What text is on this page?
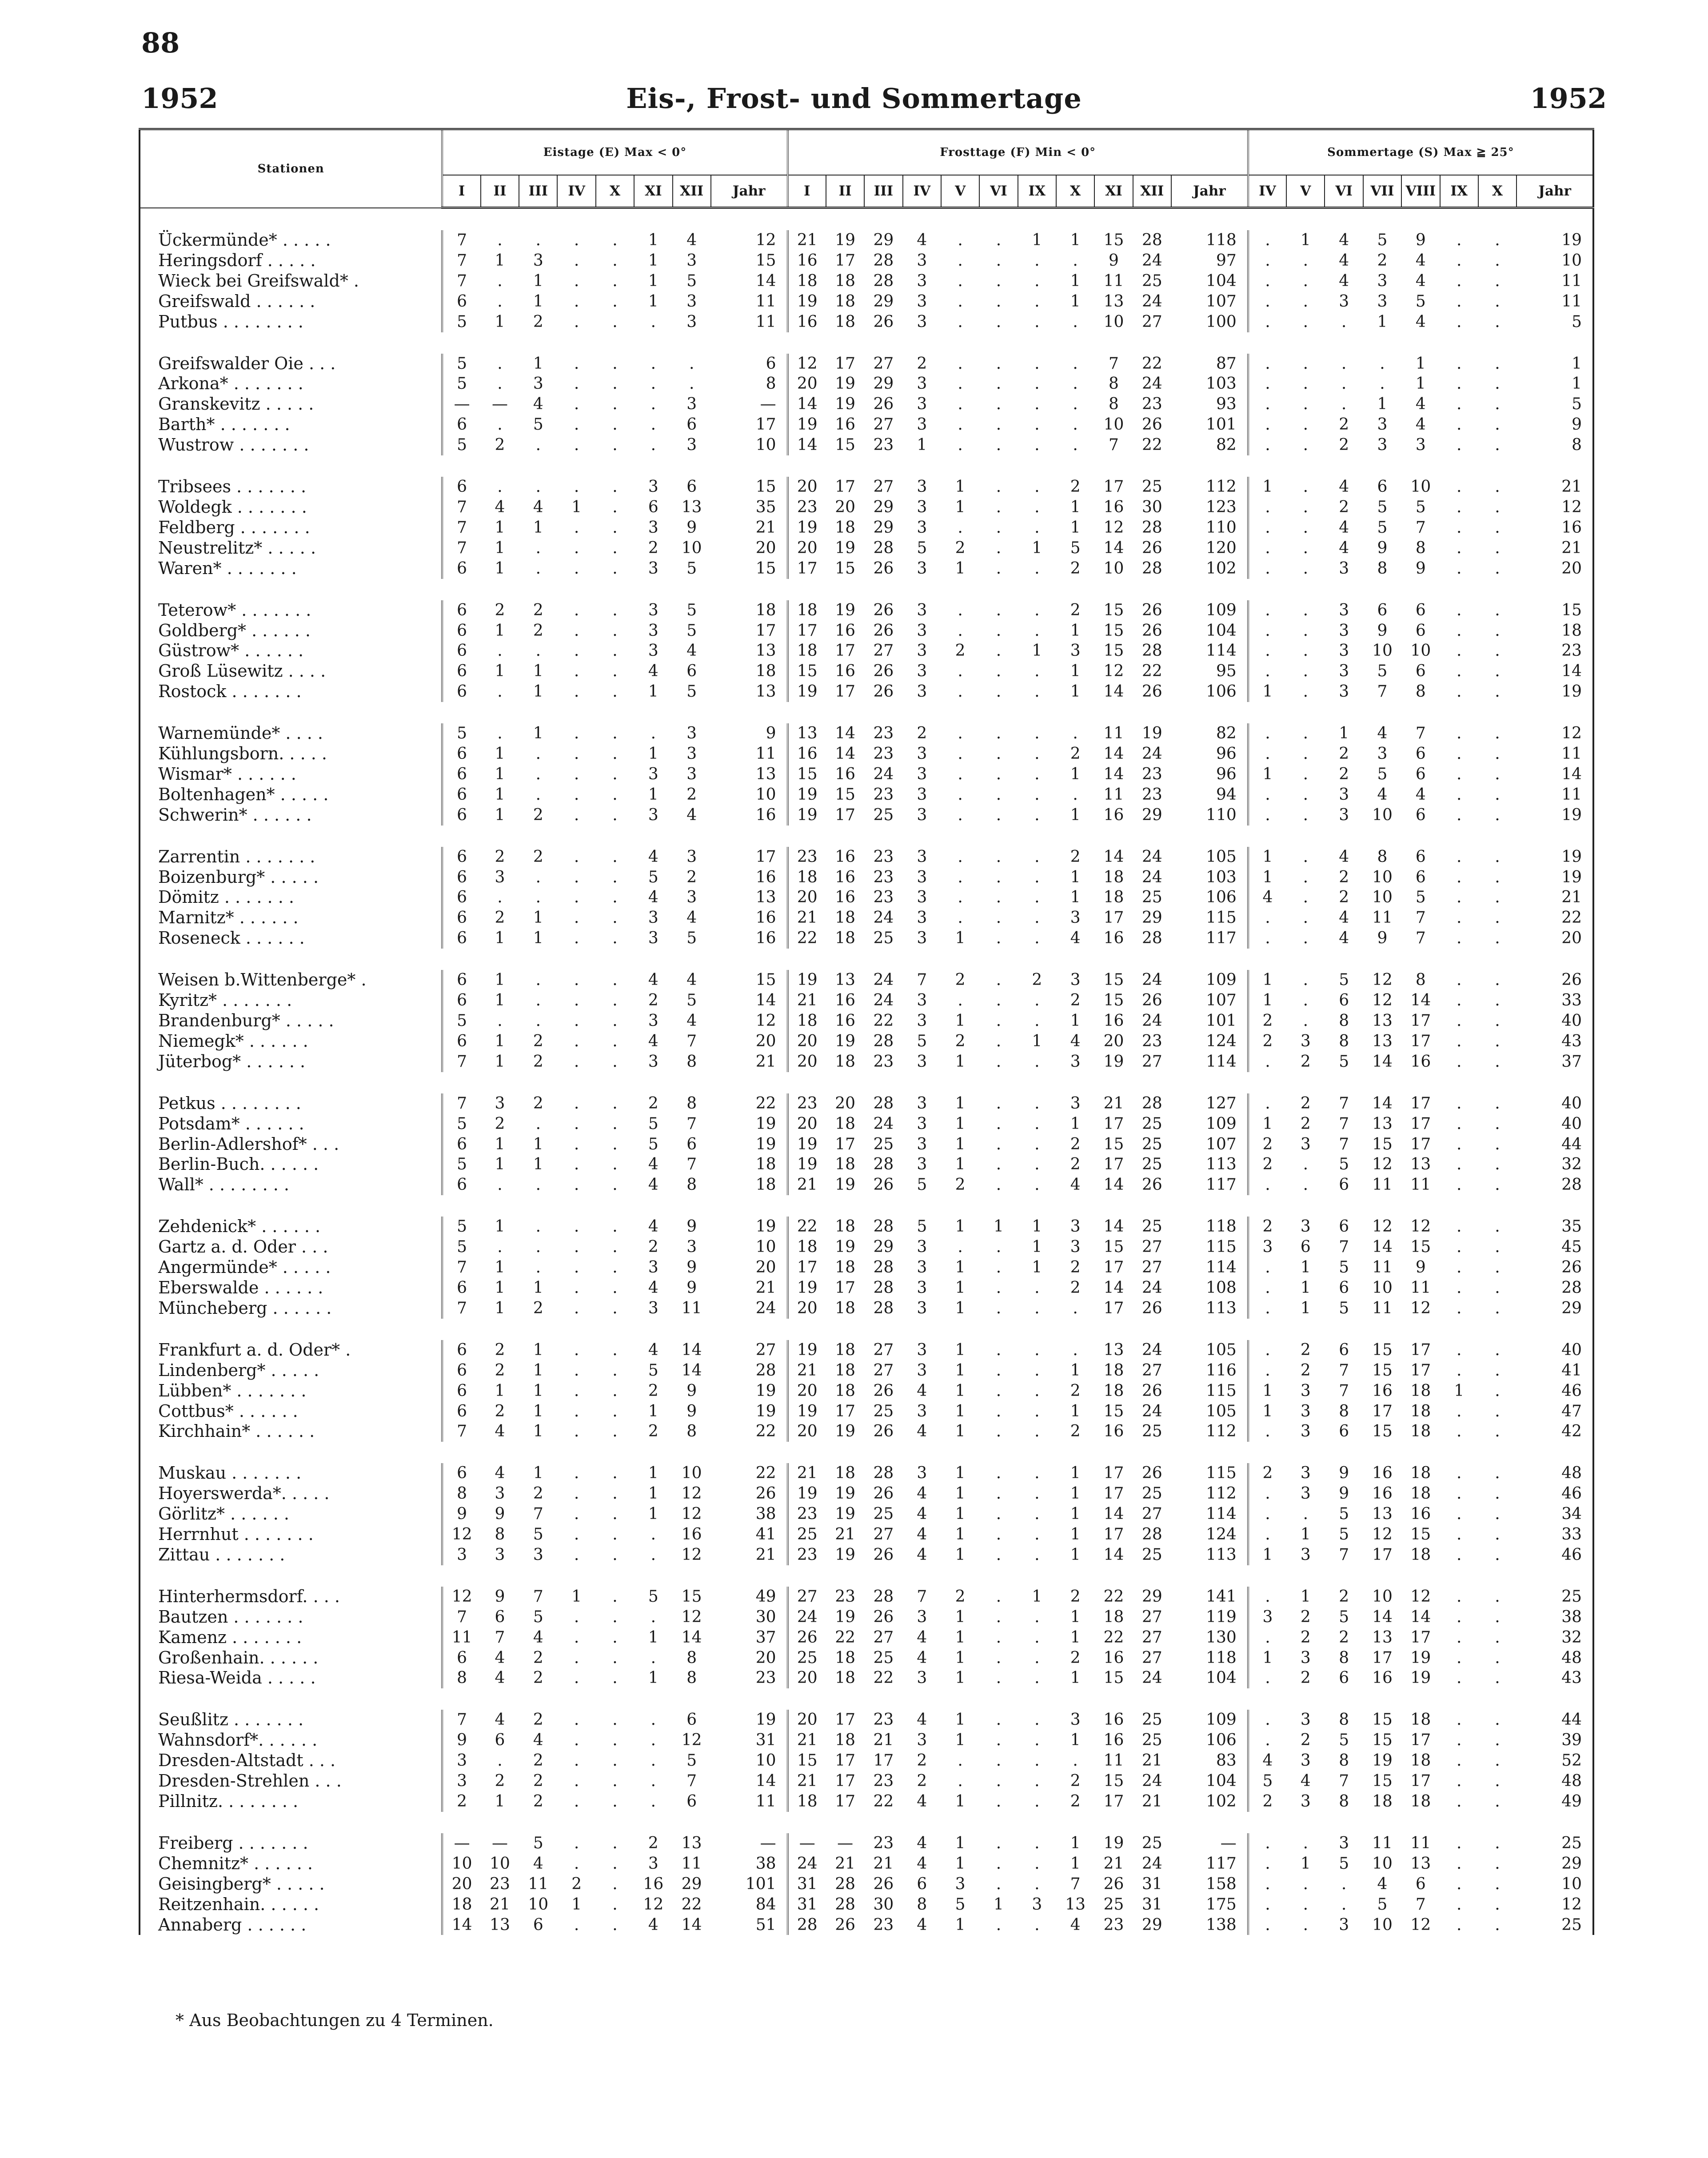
88
1952	Eis-, Frost- und Sommertage	1952
Stationen	Eistage (E) Max < 0°								Frosttage (F) Min < 0°											Sommertage (S) Max ≧ 25°							
	I	II	III	IV	X	XI	XII	Jahr	I	II	III	IV	V	VI	IX	X	XI	XII	Jahr	IV	V	VI	VII	VIII	IX	X	Jahr

Ückermünde* . . . . .	7	.	.	.	.	1	4	12	21	19	29	4	.	.	1	1	15	28	118	.	1	4	5	9	.	.	19
Heringsdorf . . . . .	7	1	3	.	.	1	3	15	16	17	28	3	.	.	.	.	9	24	97	.	.	4	2	4	.	.	10
Wieck bei Greifswald* .	7	.	1	.	.	1	5	14	18	18	28	3	.	.	.	1	11	25	104	.	.	4	3	4	.	.	11
Greifswald . . . . . .	6	.	1	.	.	1	3	11	19	18	29	3	.	.	.	1	13	24	107	.	.	3	3	5	.	.	11
Putbus . . . . . . . .	5	1	2	.	.	.	3	11	16	18	26	3	.	.	.	.	10	27	100	.	.	.	1	4	.	.	5

Greifswalder Oie . . .	5	.	1	.	.	.	.	6	12	17	27	2	.	.	.	.	7	22	87	.	.	.	.	1	.	.	1
Arkona* . . . . . . .	5	.	3	.	.	.	.	8	20	19	29	3	.	.	.	.	8	24	103	.	.	.	.	1	.	.	1
Granskevitz . . . . .	—	—	4	.	.	.	3	—	14	19	26	3	.	.	.	.	8	23	93	.	.	.	1	4	.	.	5
Barth* . . . . . . .	6	.	5	.	.	.	6	17	19	16	27	3	.	.	.	.	10	26	101	.	.	2	3	4	.	.	9
Wustrow . . . . . . .	5	2	.	.	.	.	3	10	14	15	23	1	.	.	.	.	7	22	82	.	.	2	3	3	.	.	8

Tribsees . . . . . . .	6	.	.	.	.	3	6	15	20	17	27	3	1	.	.	2	17	25	112	1	.	4	6	10	.	.	21
Woldegk . . . . . . .	7	4	4	1	.	6	13	35	23	20	29	3	1	.	.	1	16	30	123	.	.	2	5	5	.	.	12
Feldberg . . . . . . .	7	1	1	.	.	3	9	21	19	18	29	3	.	.	.	1	12	28	110	.	.	4	5	7	.	.	16
Neustrelitz* . . . . .	7	1	.	.	.	2	10	20	20	19	28	5	2	.	1	5	14	26	120	.	.	4	9	8	.	.	21
Waren* . . . . . . .	6	1	.	.	.	3	5	15	17	15	26	3	1	.	.	2	10	28	102	.	.	3	8	9	.	.	20

Teterow* . . . . . . .	6	2	2	.	.	3	5	18	18	19	26	3	.	.	.	2	15	26	109	.	.	3	6	6	.	.	15
Goldberg* . . . . . .	6	1	2	.	.	3	5	17	17	16	26	3	.	.	.	1	15	26	104	.	.	3	9	6	.	.	18
Güstrow* . . . . . .	6	.	.	.	.	3	4	13	18	17	27	3	2	.	1	3	15	28	114	.	.	3	10	10	.	.	23
Groß Lüsewitz . . . .	6	1	1	.	.	4	6	18	15	16	26	3	.	.	.	1	12	22	95	.	.	3	5	6	.	.	14
Rostock . . . . . . .	6	.	1	.	.	1	5	13	19	17	26	3	.	.	.	1	14	26	106	1	.	3	7	8	.	.	19

Warnemünde* . . . .	5	.	1	.	.	.	3	9	13	14	23	2	.	.	.	.	11	19	82	.	.	1	4	7	.	.	12
Kühlungsborn. . . . .	6	1	.	.	.	1	3	11	16	14	23	3	.	.	.	2	14	24	96	.	.	2	3	6	.	.	11
Wismar* . . . . . .	6	1	.	.	.	3	3	13	15	16	24	3	.	.	.	1	14	23	96	1	.	2	5	6	.	.	14
Boltenhagen* . . . . .	6	1	.	.	.	1	2	10	19	15	23	3	.	.	.	.	11	23	94	.	.	3	4	4	.	.	11
Schwerin* . . . . . .	6	1	2	.	.	3	4	16	19	17	25	3	.	.	.	1	16	29	110	.	.	3	10	6	.	.	19

Zarrentin . . . . . . .	6	2	2	.	.	4	3	17	23	16	23	3	.	.	.	2	14	24	105	1	.	4	8	6	.	.	19
Boizenburg* . . . . .	6	3	.	.	.	5	2	16	18	16	23	3	.	.	.	1	18	24	103	1	.	2	10	6	.	.	19
Dömitz . . . . . . .	6	.	.	.	.	4	3	13	20	16	23	3	.	.	.	1	18	25	106	4	.	2	10	5	.	.	21
Marnitz* . . . . . .	6	2	1	.	.	3	4	16	21	18	24	3	.	.	.	3	17	29	115	.	.	4	11	7	.	.	22
Roseneck . . . . . .	6	1	1	.	.	3	5	16	22	18	25	3	1	.	.	4	16	28	117	.	.	4	9	7	.	.	20

Weisen b.Wittenberge* .	6	1	.	.	.	4	4	15	19	13	24	7	2	.	2	3	15	24	109	1	.	5	12	8	.	.	26
Kyritz* . . . . . . .	6	1	.	.	.	2	5	14	21	16	24	3	.	.	.	2	15	26	107	1	.	6	12	14	.	.	33
Brandenburg* . . . . .	5	.	.	.	.	3	4	12	18	16	22	3	1	.	.	1	16	24	101	2	.	8	13	17	.	.	40
Niemegk* . . . . . .	6	1	2	.	.	4	7	20	20	19	28	5	2	.	1	4	20	23	124	2	3	8	13	17	.	.	43
Jüterbog* . . . . . .	7	1	2	.	.	3	8	21	20	18	23	3	1	.	.	3	19	27	114	.	2	5	14	16	.	.	37

Petkus . . . . . . . .	7	3	2	.	.	2	8	22	23	20	28	3	1	.	.	3	21	28	127	.	2	7	14	17	.	.	40
Potsdam* . . . . . .	5	2	.	.	.	5	7	19	20	18	24	3	1	.	.	1	17	25	109	1	2	7	13	17	.	.	40
Berlin-Adlershof* . . .	6	1	1	.	.	5	6	19	19	17	25	3	1	.	.	2	15	25	107	2	3	7	15	17	.	.	44
Berlin-Buch. . . . . .	5	1	1	.	.	4	7	18	19	18	28	3	1	.	.	2	17	25	113	2	.	5	12	13	.	.	32
Wall* . . . . . . . .	6	.	.	.	.	4	8	18	21	19	26	5	2	.	.	4	14	26	117	.	.	6	11	11	.	.	28

Zehdenick* . . . . . .	5	1	.	.	.	4	9	19	22	18	28	5	1	1	1	3	14	25	118	2	3	6	12	12	.	.	35
Gartz a. d. Oder . . .	5	.	.	.	.	2	3	10	18	19	29	3	.	.	1	3	15	27	115	3	6	7	14	15	.	.	45
Angermünde* . . . . .	7	1	.	.	.	3	9	20	17	18	28	3	1	.	1	2	17	27	114	.	1	5	11	9	.	.	26
Eberswalde . . . . . .	6	1	1	.	.	4	9	21	19	17	28	3	1	.	.	2	14	24	108	.	1	6	10	11	.	.	28
Müncheberg . . . . . .	7	1	2	.	.	3	11	24	20	18	28	3	1	.	.	.	17	26	113	.	1	5	11	12	.	.	29

Frankfurt a. d. Oder* .	6	2	1	.	.	4	14	27	19	18	27	3	1	.	.	.	13	24	105	.	2	6	15	17	.	.	40
Lindenberg* . . . . .	6	2	1	.	.	5	14	28	21	18	27	3	1	.	.	1	18	27	116	.	2	7	15	17	.	.	41
Lübben* . . . . . . .	6	1	1	.	.	2	9	19	20	18	26	4	1	.	.	2	18	26	115	1	3	7	16	18	1	.	46
Cottbus* . . . . . .	6	2	1	.	.	1	9	19	19	17	25	3	1	.	.	1	15	24	105	1	3	8	17	18	.	.	47
Kirchhain* . . . . . .	7	4	1	.	.	2	8	22	20	19	26	4	1	.	.	2	16	25	112	.	3	6	15	18	.	.	42

Muskau . . . . . . .	6	4	1	.	.	1	10	22	21	18	28	3	1	.	.	1	17	26	115	2	3	9	16	18	.	.	48
Hoyerswerda*. . . . .	8	3	2	.	.	1	12	26	19	19	26	4	1	.	.	1	17	25	112	.	3	9	16	18	.	.	46
Görlitz* . . . . . .	9	9	7	.	.	1	12	38	23	19	25	4	1	.	.	1	14	27	114	.	.	5	13	16	.	.	34
Herrnhut . . . . . . .	12	8	5	.	.	.	16	41	25	21	27	4	1	.	.	1	17	28	124	.	1	5	12	15	.	.	33
Zittau . . . . . . .	3	3	3	.	.	.	12	21	23	19	26	4	1	.	.	1	14	25	113	1	3	7	17	18	.	.	46

Hinterhermsdorf. . . .	12	9	7	1	.	5	15	49	27	23	28	7	2	.	1	2	22	29	141	.	1	2	10	12	.	.	25
Bautzen . . . . . . .	7	6	5	.	.	.	12	30	24	19	26	3	1	.	.	1	18	27	119	3	2	5	14	14	.	.	38
Kamenz . . . . . . .	11	7	4	.	.	1	14	37	26	22	27	4	1	.	.	1	22	27	130	.	2	2	13	17	.	.	32
Großenhain. . . . . .	6	4	2	.	.	.	8	20	25	18	25	4	1	.	.	2	16	27	118	1	3	8	17	19	.	.	48
Riesa-Weida . . . . .	8	4	2	.	.	1	8	23	20	18	22	3	1	.	.	1	15	24	104	.	2	6	16	19	.	.	43

Seußlitz . . . . . . .	7	4	2	.	.	.	6	19	20	17	23	4	1	.	.	3	16	25	109	.	3	8	15	18	.	.	44
Wahnsdorf*. . . . . .	9	6	4	.	.	.	12	31	21	18	21	3	1	.	.	1	16	25	106	.	2	5	15	17	.	.	39
Dresden-Altstadt . . .	3	.	2	.	.	.	5	10	15	17	17	2	.	.	.	.	11	21	83	4	3	8	19	18	.	.	52
Dresden-Strehlen . . .	3	2	2	.	.	.	7	14	21	17	23	2	.	.	.	2	15	24	104	5	4	7	15	17	.	.	48
Pillnitz. . . . . . . .	2	1	2	.	.	.	6	11	18	17	22	4	1	.	.	2	17	21	102	2	3	8	18	18	.	.	49

Freiberg . . . . . . .	—	—	5	.	.	2	13	—	—	—	23	4	1	.	.	1	19	25	—	.	.	3	11	11	.	.	25
Chemnitz* . . . . . .	10	10	4	.	.	3	11	38	24	21	21	4	1	.	.	1	21	24	117	.	1	5	10	13	.	.	29
Geisingberg* . . . . .	20	23	11	2	.	16	29	101	31	28	26	6	3	.	.	7	26	31	158	.	.	.	4	6	.	.	10
Reitzenhain. . . . . .	18	21	10	1	.	12	22	84	31	28	30	8	5	1	3	13	25	31	175	.	.	.	5	7	.	.	12
Annaberg . . . . . .	14	13	6	.	.	4	14	51	28	26	23	4	1	.	.	4	23	29	138	.	.	3	10	12	.	.	25
* Aus Beobachtungen zu 4 Terminen.
